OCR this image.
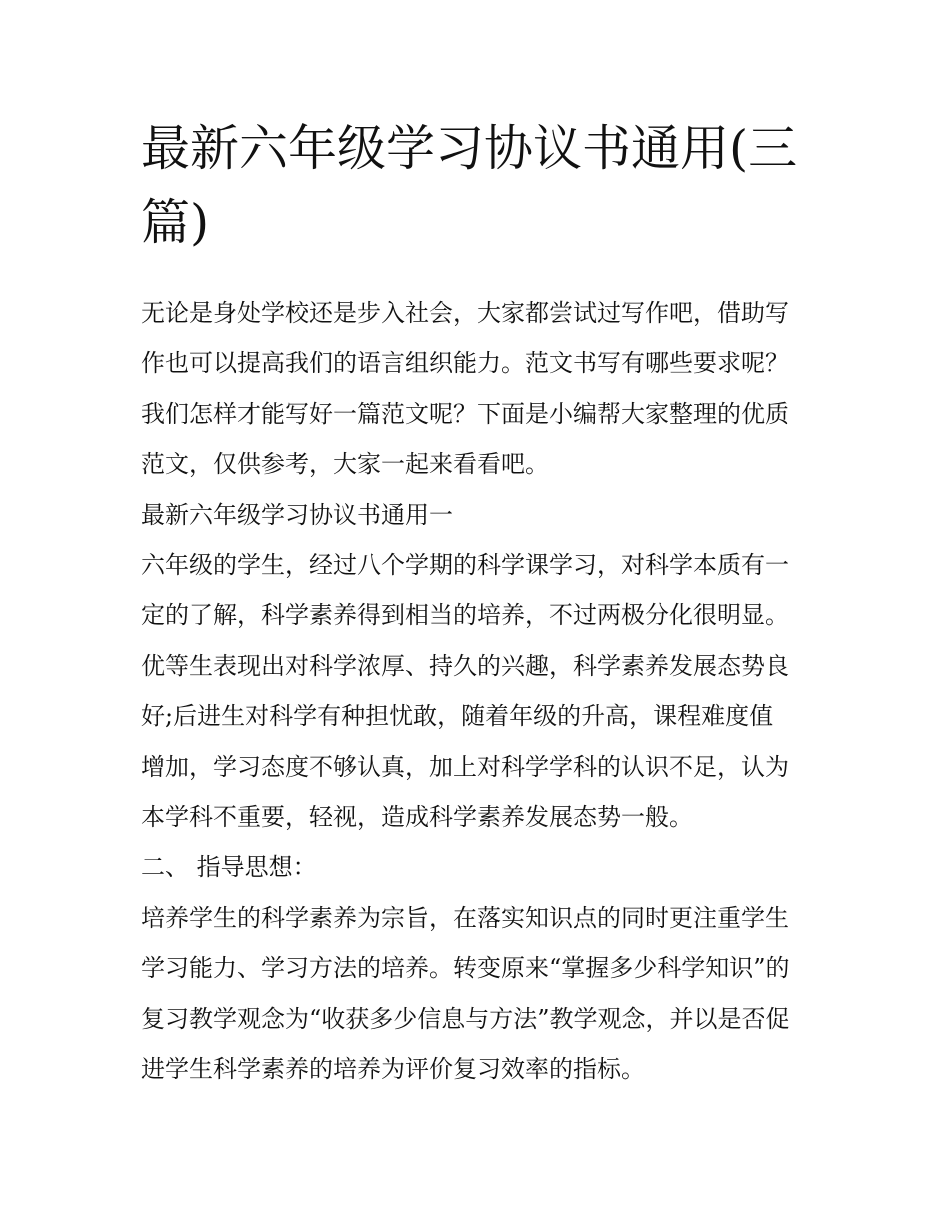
最新六年级学习协议书通用(三
篇)
无论是身处学校还是步入社会，大家都尝试过写作吧，借助写
作也可以提高我们的语言组织能力。范文书写有哪些要求呢？
我们怎样才能写好一篇范文呢？下面是小编帮大家整理的优质
范文，仅供参考，大家一起来看看吧。
最新六年级学习协议书通用一
六年级的学生，经过八个学期的科学课学习，对科学本质有一
定的了解，科学素养得到相当的培养，不过两极分化很明显。
优等生表现出对科学浓厚、持久的兴趣，科学素养发展态势良
好;后进生对科学有种担忧敢，随着年级的升高，课程难度值
增加，学习态度不够认真，加上对科学学科的认识不足，认为
本学科不重要，轻视，造成科学素养发展态势一般。
二、 指导思想：
培养学生的科学素养为宗旨，在落实知识点的同时更注重学生
学习能力、学习方法的培养。转变原来“掌握多少科学知识”的
复习教学观念为“收获多少信息与方法”教学观念，并以是否促
进学生科学素养的培养为评价复习效率的指标。
